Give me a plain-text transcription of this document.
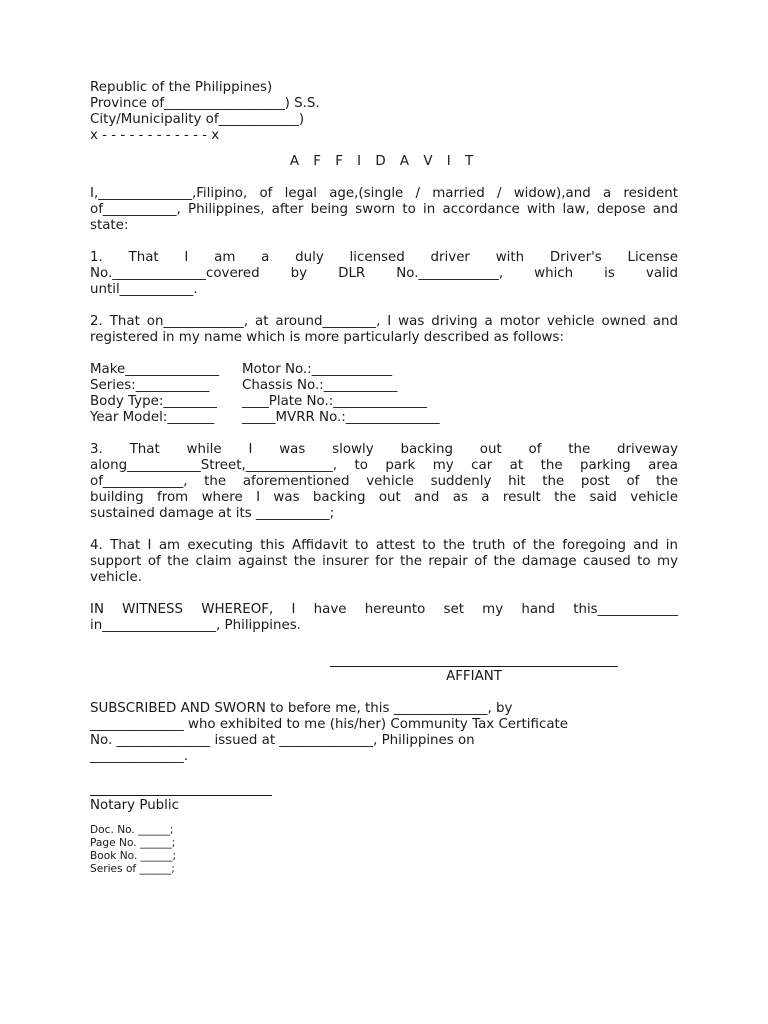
Republic of the Philippines)
Province of__________________) S.S.
City/Municipality of____________)
x - - - - - - - - - - - - x
A F F I D A V I T
I,______________,Filipino, of legal age,(single / married / widow),and a resident of___________, Philippines, after being sworn to in accordance with law, depose and state:
1.  That  I  am  a  duly  licensed  driver  with  Driver's  License
No.______________covered  by  DLR  No.____________,  which  is  valid
until___________.
2. That on____________, at around________, I was driving a motor vehicle owned and registered in my name which is more particularly described as follows:
Make______________	Motor No.:____________
Series:___________	Chassis No.:___________
Body Type:________	____Plate No.:______________
Year Model:_______	_____MVRR No.:______________
3.  That  while  I  was  slowly  backing  out  of  the  driveway
along___________Street,_____________, to park my car at the parking area
of____________,  the  aforementioned  vehicle  suddenly  hit  the  post  of  the
building  from  where  I  was  backing  out  and  as  a  result  the  said  vehicle
sustained damage at its ___________;
4. That I am executing this Affidavit to attest to the truth of the foregoing and in support of the claim against the insurer for the repair of the damage caused to my vehicle.
IN  WITNESS  WHEREOF,  I  have  hereunto  set  my  hand  this____________
in_________________, Philippines.
AFFIANT
SUBSCRIBED AND SWORN to before me, this ______________, by
______________ who exhibited to me (his/her) Community Tax Certificate
No. ______________ issued at ______________, Philippines on
______________.
Notary Public
Doc. No. ______;
Page No. ______;
Book No. ______;
Series of ______;
